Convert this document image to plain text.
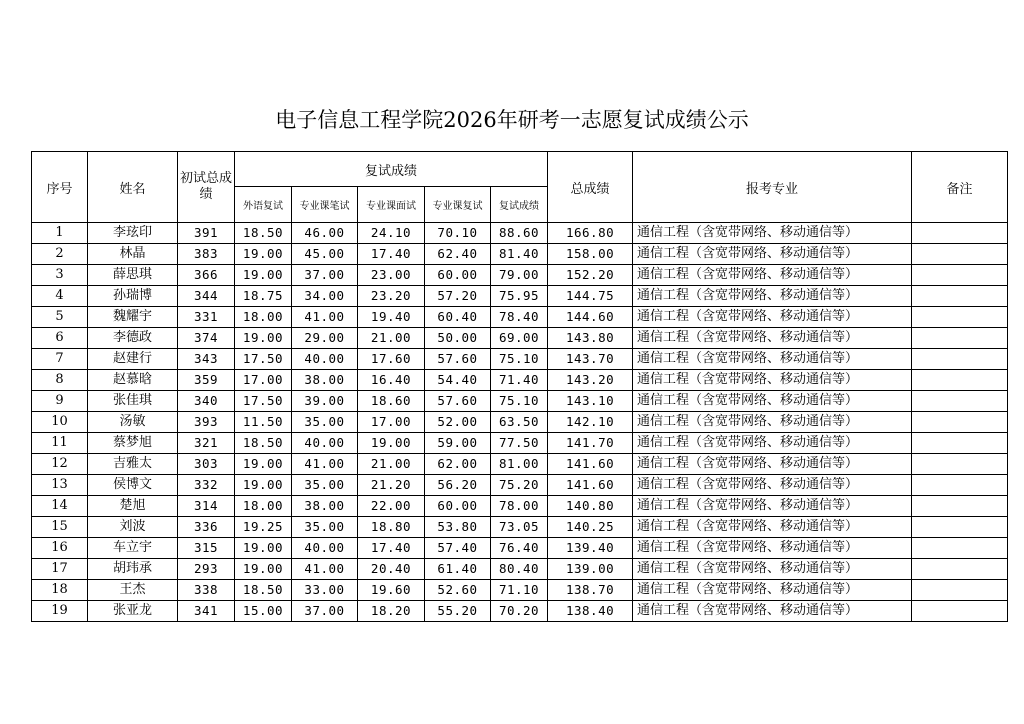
电子信息工程学院2026年研考一志愿复试成绩公示
序号	姓名	初试总成绩	复试成绩					总成绩	报考专业	备注
			外语复试	专业课笔试	专业课面试	专业课复试	复试成绩			
1	李玹印	391	18.50	46.00	24.10	70.10	88.60	166.80	通信工程（含宽带网络、移动通信等）	
2	林晶	383	19.00	45.00	17.40	62.40	81.40	158.00	通信工程（含宽带网络、移动通信等）	
3	薛思琪	366	19.00	37.00	23.00	60.00	79.00	152.20	通信工程（含宽带网络、移动通信等）	
4	孙瑞博	344	18.75	34.00	23.20	57.20	75.95	144.75	通信工程（含宽带网络、移动通信等）	
5	魏耀宇	331	18.00	41.00	19.40	60.40	78.40	144.60	通信工程（含宽带网络、移动通信等）	
6	李德政	374	19.00	29.00	21.00	50.00	69.00	143.80	通信工程（含宽带网络、移动通信等）	
7	赵建行	343	17.50	40.00	17.60	57.60	75.10	143.70	通信工程（含宽带网络、移动通信等）	
8	赵慕晗	359	17.00	38.00	16.40	54.40	71.40	143.20	通信工程（含宽带网络、移动通信等）	
9	张佳琪	340	17.50	39.00	18.60	57.60	75.10	143.10	通信工程（含宽带网络、移动通信等）	
10	汤敏	393	11.50	35.00	17.00	52.00	63.50	142.10	通信工程（含宽带网络、移动通信等）	
11	蔡梦旭	321	18.50	40.00	19.00	59.00	77.50	141.70	通信工程（含宽带网络、移动通信等）	
12	吉雅太	303	19.00	41.00	21.00	62.00	81.00	141.60	通信工程（含宽带网络、移动通信等）	
13	侯博文	332	19.00	35.00	21.20	56.20	75.20	141.60	通信工程（含宽带网络、移动通信等）	
14	楚旭	314	18.00	38.00	22.00	60.00	78.00	140.80	通信工程（含宽带网络、移动通信等）	
15	刘波	336	19.25	35.00	18.80	53.80	73.05	140.25	通信工程（含宽带网络、移动通信等）	
16	车立宇	315	19.00	40.00	17.40	57.40	76.40	139.40	通信工程（含宽带网络、移动通信等）	
17	胡玮承	293	19.00	41.00	20.40	61.40	80.40	139.00	通信工程（含宽带网络、移动通信等）	
18	王杰	338	18.50	33.00	19.60	52.60	71.10	138.70	通信工程（含宽带网络、移动通信等）	
19	张亚龙	341	15.00	37.00	18.20	55.20	70.20	138.40	通信工程（含宽带网络、移动通信等）	
